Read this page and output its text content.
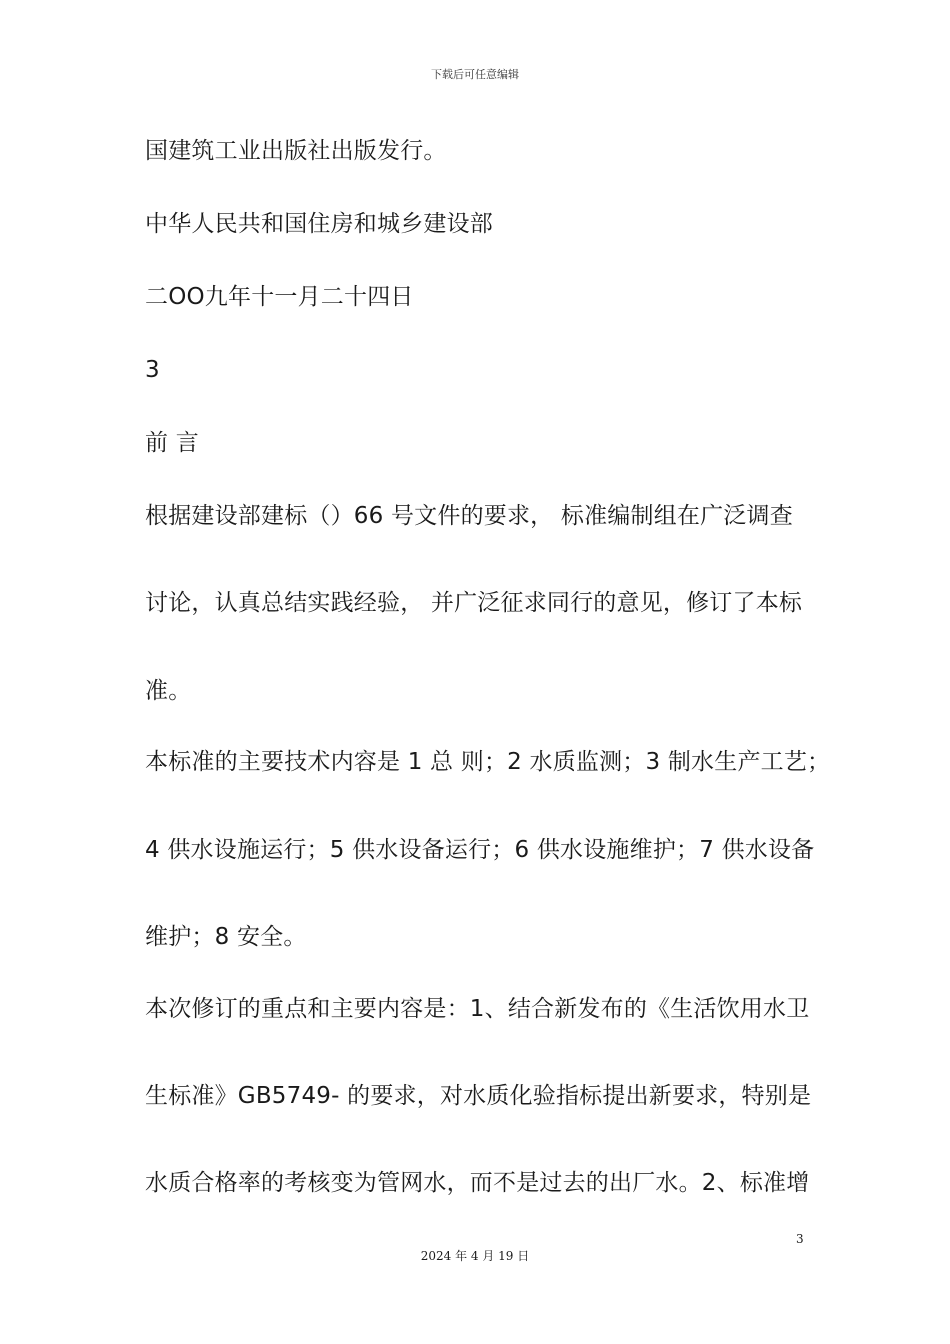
下载后可任意编辑
国建筑工业出版社出版发行。
中华人民共和国住房和城乡建设部
二OO九年十一月二十四日
3
前 言
根据建设部建标（）66 号文件的要求， 标准编制组在广泛调查
讨论，认真总结实践经验， 并广泛征求同行的意见，修订了本标
准。
本标准的主要技术内容是 1 总 则；2 水质监测；3 制水生产工艺；
4 供水设施运行；5 供水设备运行；6 供水设施维护；7 供水设备
维护；8 安全。
本次修订的重点和主要内容是：1、结合新发布的《生活饮用水卫
生标准》GB5749- 的要求，对水质化验指标提出新要求，特别是
水质合格率的考核变为管网水，而不是过去的出厂水。2、标准增
3
2024 年 4 月 19 日
